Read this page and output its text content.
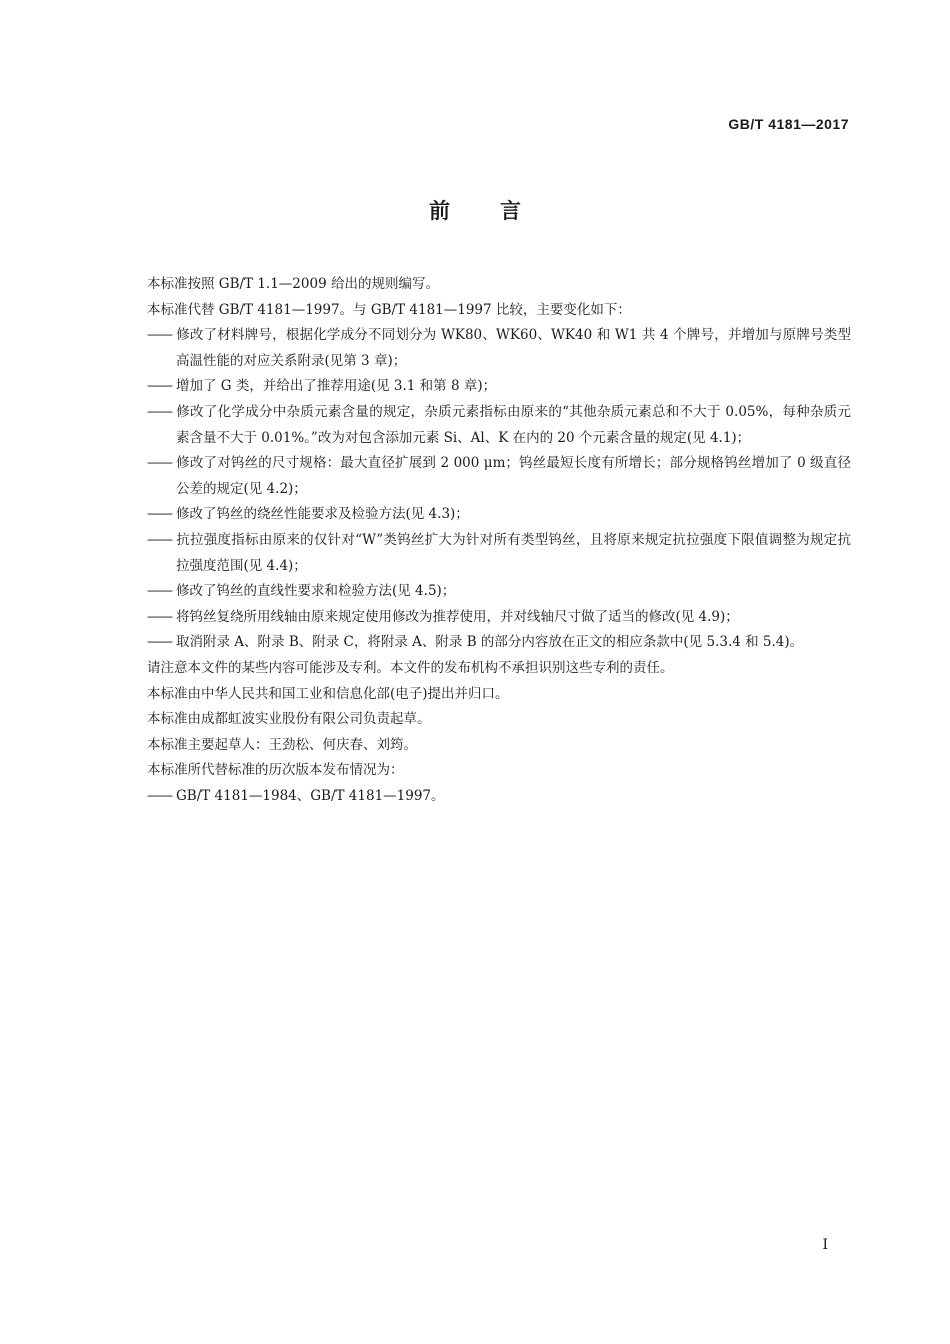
GB/T 4181—2017
前言

本标准按照 GB/T 1.1—2009 给出的规则编写。

本标准代替 GB/T 4181—1997。与 GB/T 4181—1997 比较，主要变化如下：

—— 修改了材料牌号，根据化学成分不同划分为 WK80、WK60、WK40 和 W1 共 4 个牌号，并增加与原牌号类型高温性能的对应关系附录(见第 3 章)；

—— 增加了 G 类，并给出了推荐用途(见 3.1 和第 8 章)；

—— 修改了化学成分中杂质元素含量的规定，杂质元素指标由原来的“其他杂质元素总和不大于 0.05%，每种杂质元素含量不大于 0.01%。”改为对包含添加元素 Si、Al、K 在内的 20 个元素含量的规定(见 4.1)；

—— 修改了对钨丝的尺寸规格：最大直径扩展到 2 000 μm；钨丝最短长度有所增长；部分规格钨丝增加了 0 级直径公差的规定(见 4.2)；

—— 修改了钨丝的绕丝性能要求及检验方法(见 4.3)；

—— 抗拉强度指标由原来的仅针对“W”类钨丝扩大为针对所有类型钨丝，且将原来规定抗拉强度下限值调整为规定抗拉强度范围(见 4.4)；

—— 修改了钨丝的直线性要求和检验方法(见 4.5)；

—— 将钨丝复绕所用线轴由原来规定使用修改为推荐使用，并对线轴尺寸做了适当的修改(见 4.9)；

—— 取消附录 A、附录 B、附录 C，将附录 A、附录 B 的部分内容放在正文的相应条款中(见 5.3.4 和 5.4)。

请注意本文件的某些内容可能涉及专利。本文件的发布机构不承担识别这些专利的责任。

本标准由中华人民共和国工业和信息化部(电子)提出并归口。

本标准由成都虹波实业股份有限公司负责起草。

本标准主要起草人：王劲松、何庆春、刘筠。

本标准所代替标准的历次版本发布情况为：

—— GB/T 4181—1984、GB/T 4181—1997。

I
